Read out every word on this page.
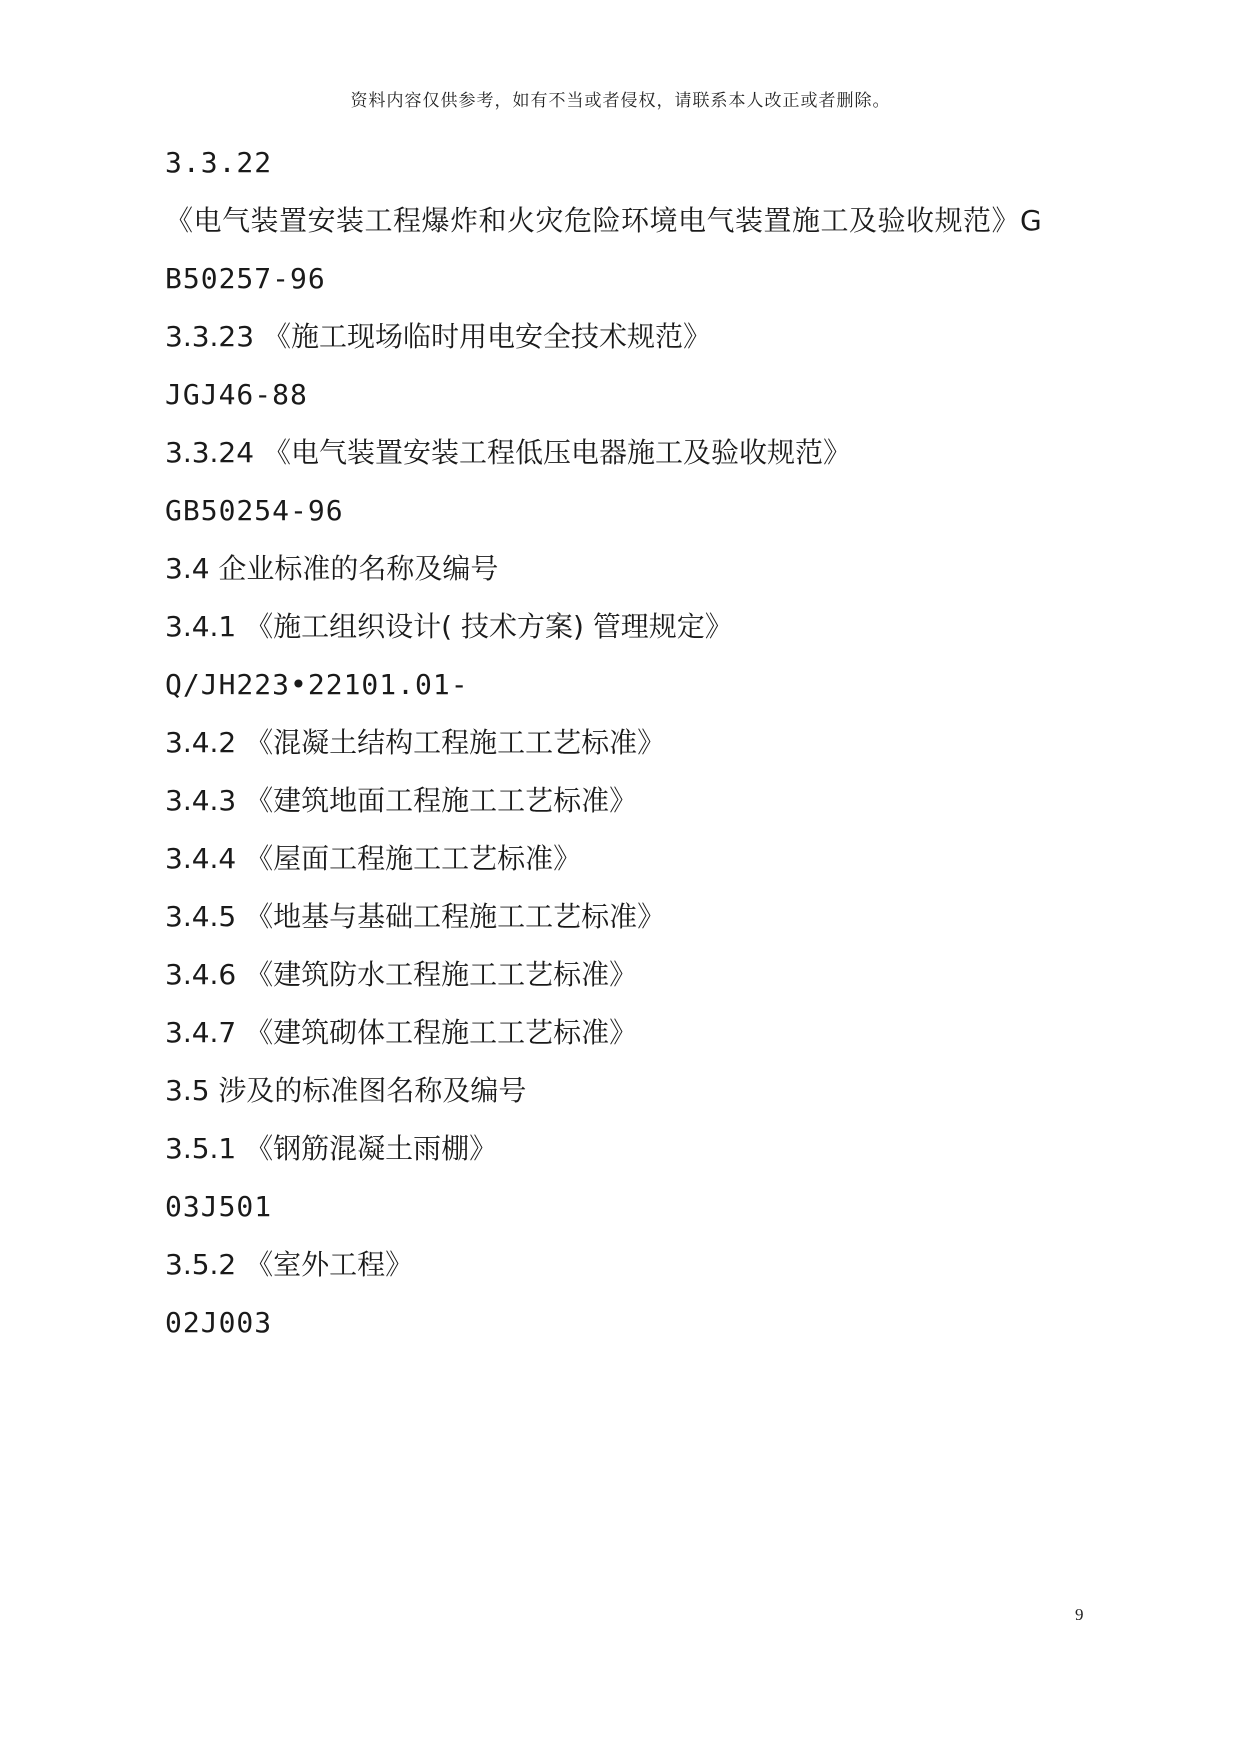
资料内容仅供参考，如有不当或者侵权，请联系本人改正或者删除。
3.3.22
《电气装置安装工程爆炸和火灾危险环境电气装置施工及验收规范》G
B50257-96
3.3.23 《施工现场临时用电安全技术规范》
JGJ46-88
3.3.24 《电气装置安装工程低压电器施工及验收规范》
GB50254-96
3.4 企业标准的名称及编号
3.4.1 《施工组织设计( 技术方案) 管理规定》
Q/JH223•22101.01-
3.4.2 《混凝土结构工程施工工艺标准》
3.4.3 《建筑地面工程施工工艺标准》
3.4.4 《屋面工程施工工艺标准》
3.4.5 《地基与基础工程施工工艺标准》
3.4.6 《建筑防水工程施工工艺标准》
3.4.7 《建筑砌体工程施工工艺标准》
3.5 涉及的标准图名称及编号
3.5.1 《钢筋混凝土雨棚》
03J501
3.5.2 《室外工程》
02J003
9
